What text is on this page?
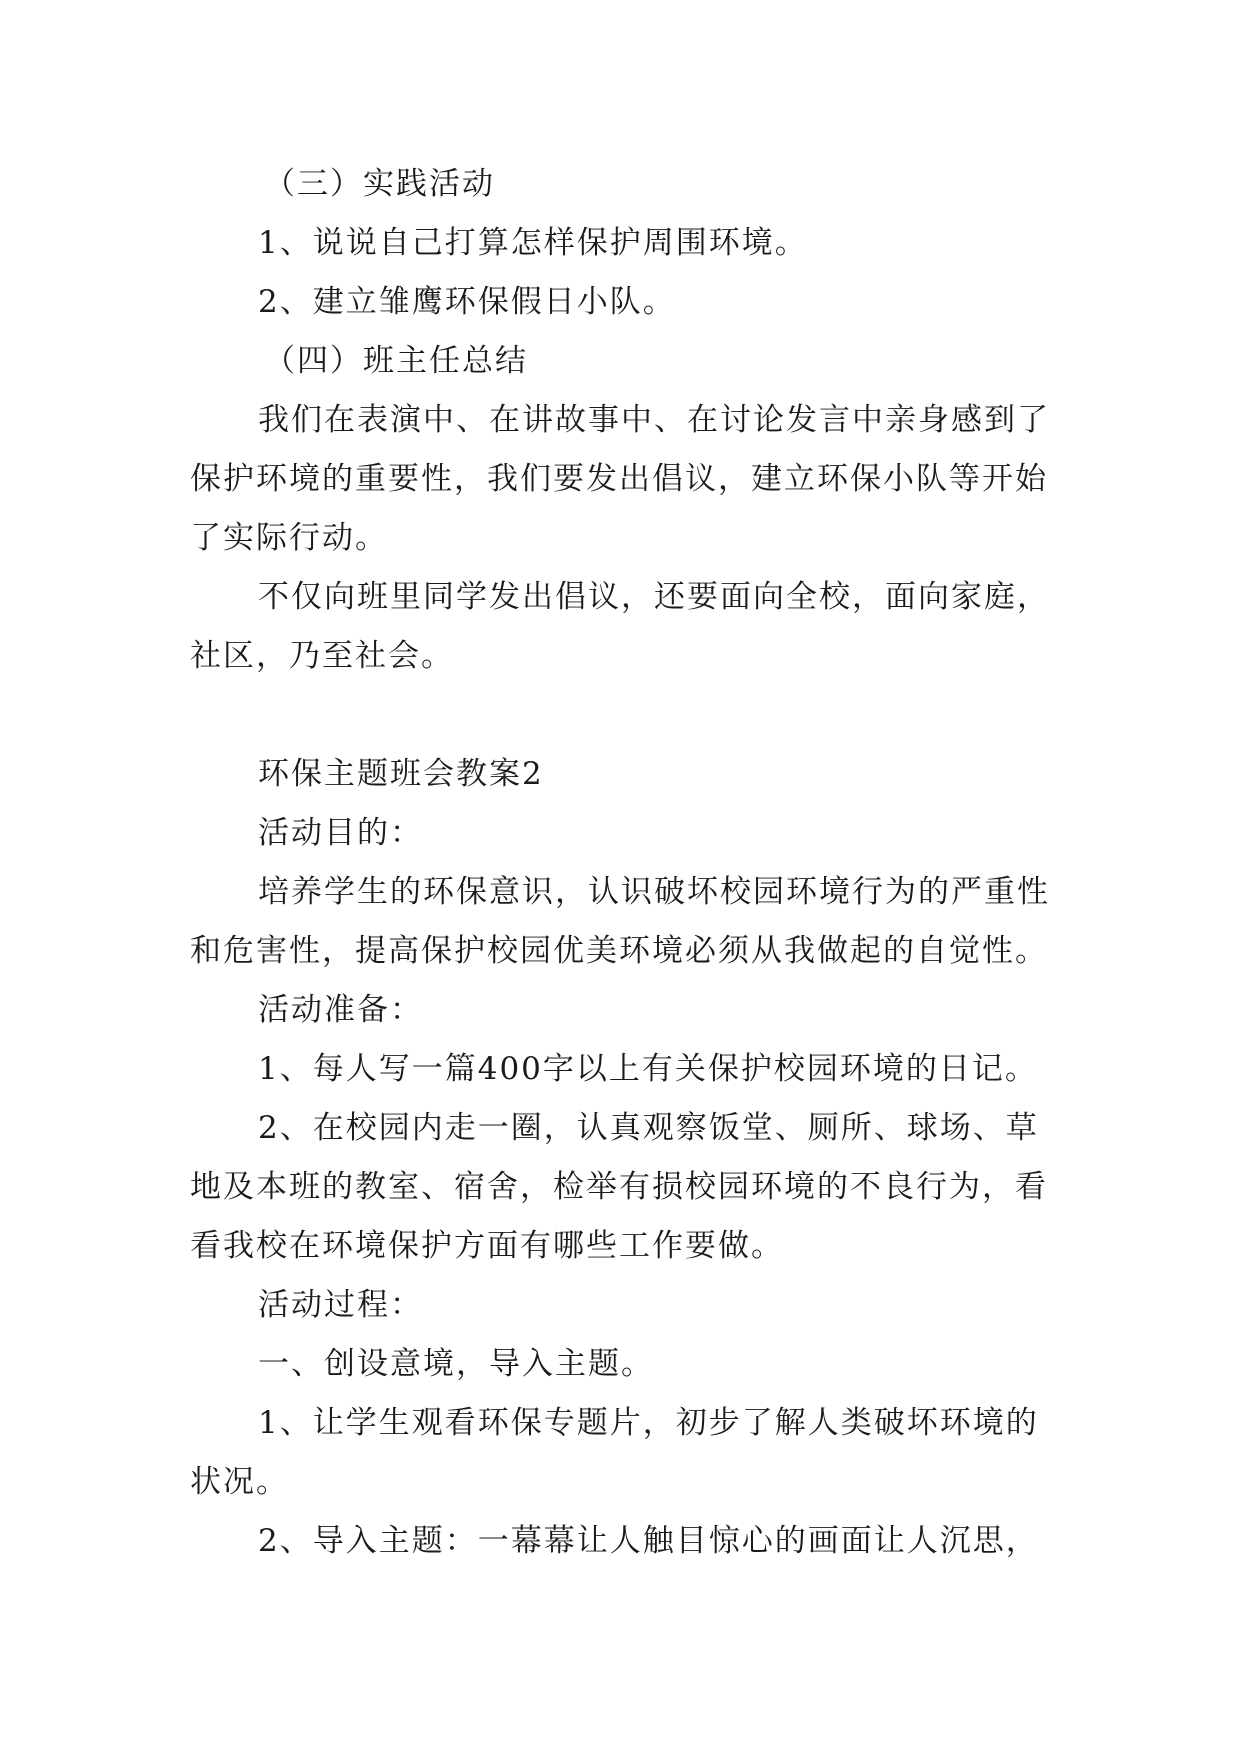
（三）实践活动
1、说说自己打算怎样保护周围环境。
2、建立雏鹰环保假日小队。
（四）班主任总结
我们在表演中、在讲故事中、在讨论发言中亲身感到了
保护环境的重要性，我们要发出倡议，建立环保小队等开始
了实际行动。
不仅向班里同学发出倡议，还要面向全校，面向家庭，
社区，乃至社会。
环保主题班会教案2
活动目的：
培养学生的环保意识，认识破坏校园环境行为的严重性
和危害性，提高保护校园优美环境必须从我做起的自觉性。
活动准备：
1、每人写一篇400字以上有关保护校园环境的日记。
2、在校园内走一圈，认真观察饭堂、厕所、球场、草
地及本班的教室、宿舍，检举有损校园环境的不良行为，看
看我校在环境保护方面有哪些工作要做。
活动过程：
一、创设意境，导入主题。
1、让学生观看环保专题片，初步了解人类破坏环境的
状况。
2、导入主题：一幕幕让人触目惊心的画面让人沉思，
